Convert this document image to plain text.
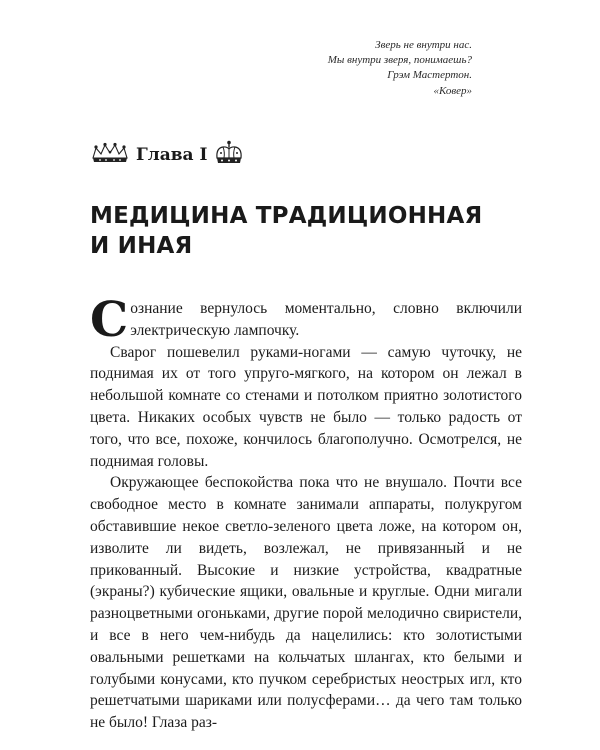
Зверь не внутри нас.
Мы внутри зверя, понимаешь?
Грэм Мастертон.
«Ковер»
Глава I
МЕДИЦИНА ТРАДИЦИОННАЯ
И ИНАЯ

Сознание вернулось моментально, словно включили электрическую лампочку.

Сварог пошевелил руками-ногами — самую чуточку, не поднимая их от того упруго-мягкого, на котором он лежал в небольшой комнате со стенами и потолком приятно золотистого цвета. Никаких особых чувств не было — только радость от того, что все, похоже, кончилось благополучно. Осмотрелся, не поднимая головы.

Окружающее беспокойства пока что не внушало. Почти все свободное место в комнате занимали аппараты, полукругом обставившие некое светло-зеленого цвета ложе, на котором он, изволите ли видеть, возлежал, не привязанный и не прикованный. Высокие и низкие устройства, квадратные (экраны?) кубические ящики, овальные и круглые. Одни мигали разноцветными огоньками, другие порой мелодично свиристели, и все в него чем-нибудь да нацелились: кто золотистыми овальными решетками на кольчатых шлангах, кто белыми и голубыми конусами, кто пучком серебристых неострых игл, кто решетчатыми шариками или полусферами… да чего там только не было! Глаза раз-
